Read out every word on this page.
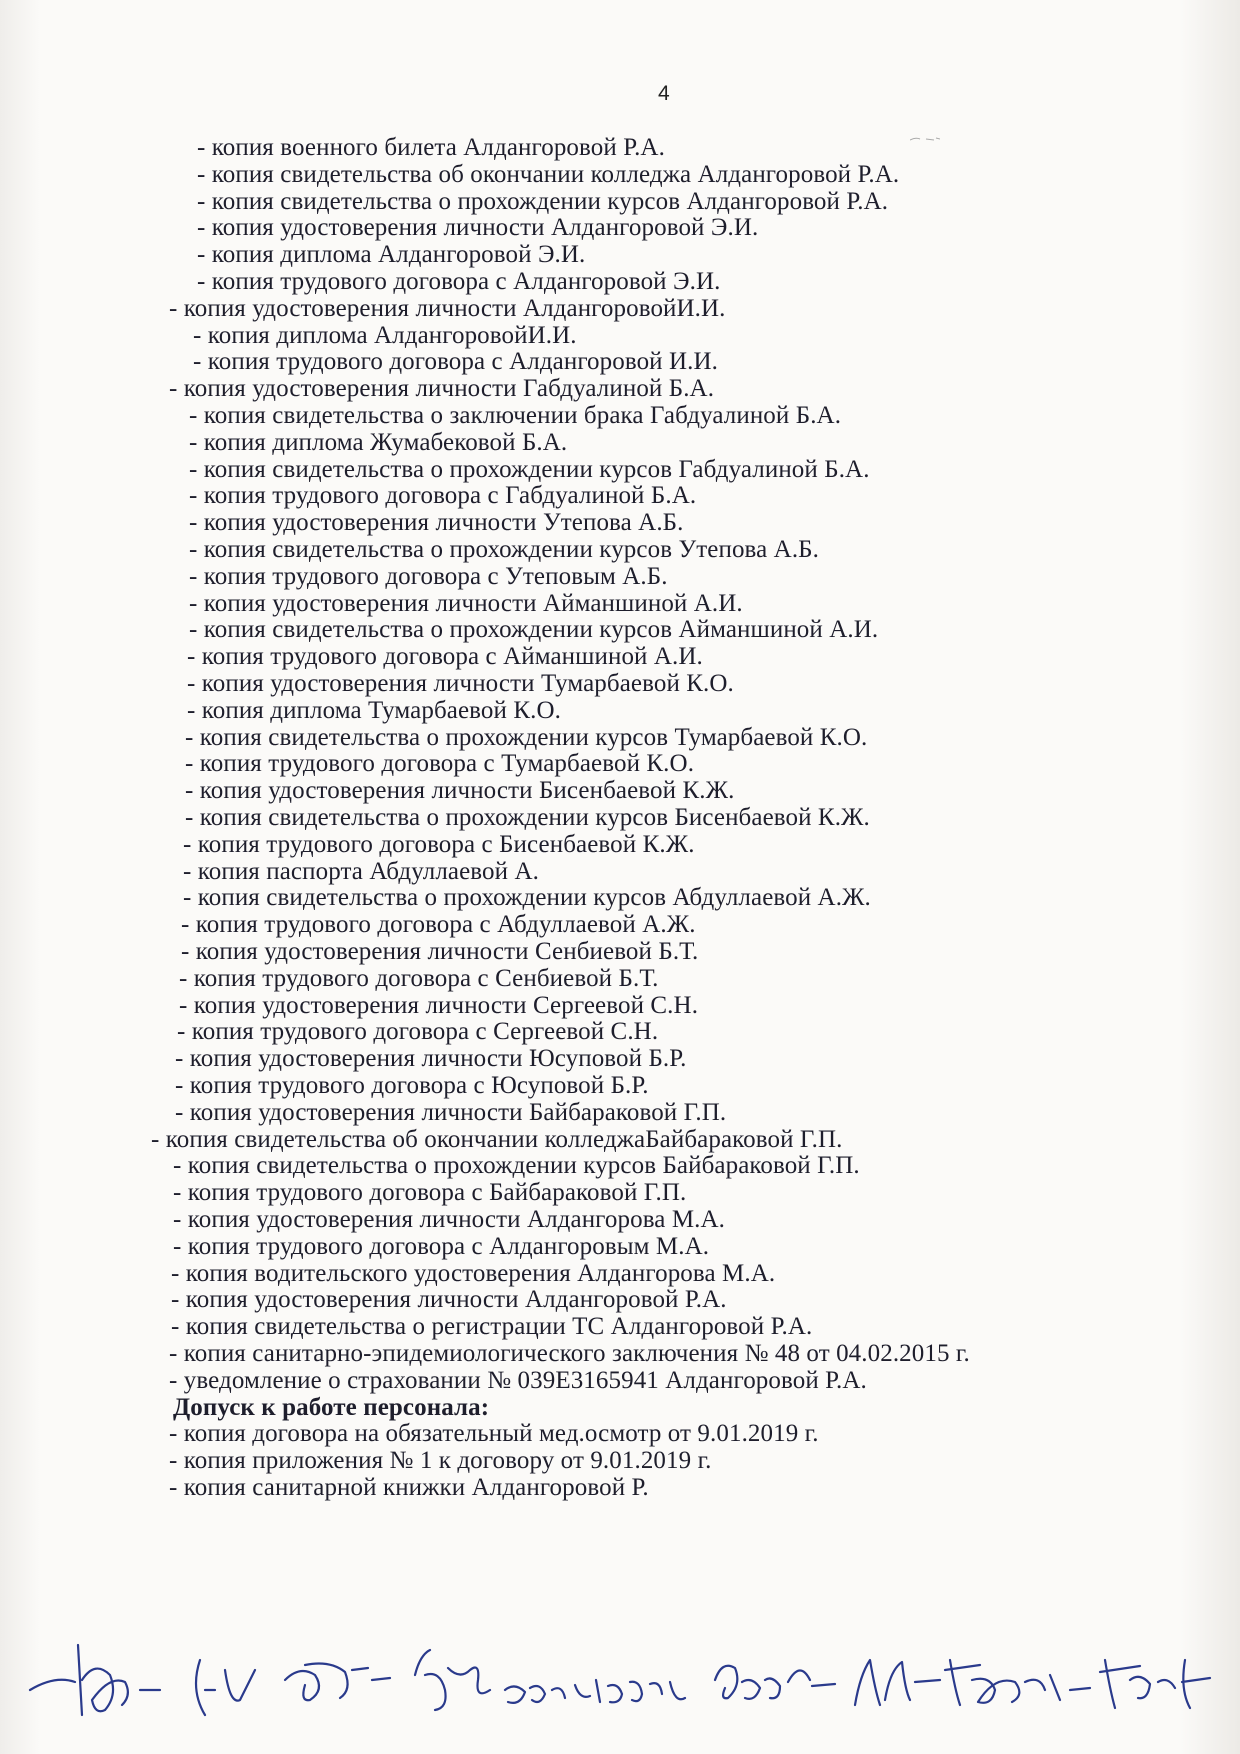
4
- копия военного билета Алдангоровой Р.А.
- копия свидетельства об окончании колледжа Алдангоровой Р.А.
- копия свидетельства о прохождении курсов Алдангоровой Р.А.
- копия удостоверения личности Алдангоровой Э.И.
- копия диплома Алдангоровой Э.И.
- копия трудового договора с Алдангоровой Э.И.
- копия удостоверения личности АлдангоровойИ.И.
- копия диплома АлдангоровойИ.И.
- копия трудового договора с Алдангоровой И.И.
- копия удостоверения личности Габдуалиной Б.А.
- копия свидетельства о заключении брака Габдуалиной Б.А.
- копия диплома Жумабековой Б.А.
- копия свидетельства о прохождении курсов Габдуалиной Б.А.
- копия трудового договора с Габдуалиной Б.А.
- копия удостоверения личности Утепова А.Б.
- копия свидетельства о прохождении курсов Утепова А.Б.
- копия трудового договора с Утеповым А.Б.
- копия удостоверения личности Айманшиной А.И.
- копия свидетельства о прохождении курсов Айманшиной А.И.
- копия трудового договора с Айманшиной А.И.
- копия удостоверения личности Тумарбаевой К.О.
- копия диплома Тумарбаевой К.О.
- копия свидетельства о прохождении курсов Тумарбаевой К.О.
- копия трудового договора с Тумарбаевой К.О.
- копия удостоверения личности Бисенбаевой К.Ж.
- копия свидетельства о прохождении курсов Бисенбаевой К.Ж.
- копия трудового договора с Бисенбаевой К.Ж.
- копия паспорта Абдуллаевой А.
- копия свидетельства о прохождении курсов Абдуллаевой А.Ж.
- копия трудового договора с Абдуллаевой А.Ж.
- копия удостоверения личности Сенбиевой Б.Т.
- копия трудового договора с Сенбиевой Б.Т.
- копия удостоверения личности Сергеевой С.Н.
- копия трудового договора с Сергеевой С.Н.
- копия удостоверения личности Юсуповой Б.Р.
- копия трудового договора с Юсуповой Б.Р.
- копия удостоверения личности Байбараковой Г.П.
- копия свидетельства об окончании колледжаБайбараковой Г.П.
- копия свидетельства о прохождении курсов Байбараковой Г.П.
- копия трудового договора с Байбараковой Г.П.
- копия удостоверения личности Алдангорова М.А.
- копия трудового договора с Алдангоровым М.А.
- копия водительского удостоверения Алдангорова М.А.
- копия удостоверения личности Алдангоровой Р.А.
- копия свидетельства о регистрации ТС Алдангоровой Р.А.
- копия санитарно-эпидемиологического заключения № 48 от 04.02.2015 г.
- уведомление о страховании № 039Е3165941 Алдангоровой Р.А.
Допуск к работе персонала:
- копия договора на обязательный мед.осмотр от 9.01.2019 г.
- копия приложения № 1 к договору от 9.01.2019 г.
- копия санитарной книжки Алдангоровой Р.
Васильева
